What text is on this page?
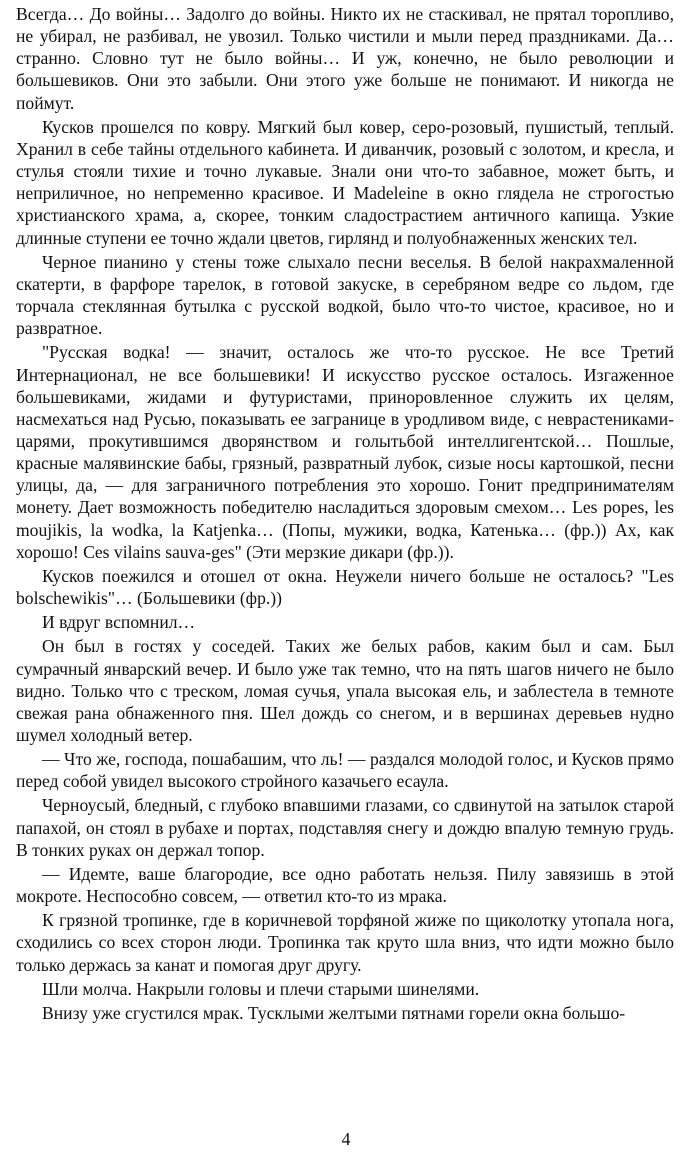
Всегда… До войны… Задолго до войны. Никто их не стаскивал, не прятал торопливо, не убирал, не разбивал, не увозил. Только чистили и мыли перед праздниками. Да… странно. Словно тут не было войны… И уж, конечно, не было революции и большевиков. Они это забыли. Они этого уже больше не понимают. И никогда не поймут.

Кусков прошелся по ковру. Мягкий был ковер, серо-розовый, пушистый, теплый. Хранил в себе тайны отдельного кабинета. И диванчик, розовый с золотом, и кресла, и стулья стояли тихие и точно лукавые. Знали они что-то забавное, может быть, и неприличное, но непременно красивое. И Madeleine в окно глядела не строгостью христианского храма, а, скорее, тонким сладострастием античного капища. Узкие длинные ступени ее точно ждали цветов, гирлянд и полуобнаженных женских тел.

Черное пианино у стены тоже слыхало песни веселья. В белой накрахмаленной скатерти, в фарфоре тарелок, в готовой закуске, в серебряном ведре со льдом, где торчала стеклянная бутылка с русской водкой, было что-то чистое, красивое, но и развратное.

"Русская водка! — значит, осталось же что-то русское. Не все Третий Интернационал, не все большевики! И искусство русское осталось. Изгаженное большевиками, жидами и футуристами, приноровленное служить их целям, насмехаться над Русью, показывать ее загранице в уродливом виде, с неврастениками-царями, прокутившимся дворянством и голытьбой интеллигентской… Пошлые, красные малявинские бабы, грязный, развратный лубок, сизые носы картошкой, песни улицы, да, — для заграничного потребления это хорошо. Гонит предпринимателям монету. Дает возможность победителю насладиться здоровым смехом… Les popes, les moujikis, la wodka, la Katjenka… (Попы, мужики, водка, Катенька… (фр.)) Ах, как хорошо! Ces vilains sauva-ges" (Эти мерзкие дикари (фр.)).

Кусков поежился и отошел от окна. Неужели ничего больше не осталось? "Les bolschewikis"… (Большевики (фр.))

И вдруг вспомнил…

Он был в гостях у соседей. Таких же белых рабов, каким был и сам. Был сумрачный январский вечер. И было уже так темно, что на пять шагов ничего не было видно. Только что с треском, ломая сучья, упала высокая ель, и заблестела в темноте свежая рана обнаженного пня. Шел дождь со снегом, и в вершинах деревьев нудно шумел холодный ветер.

— Что же, господа, пошабашим, что ль! — раздался молодой голос, и Кусков прямо перед собой увидел высокого стройного казачьего есаула.

Черноусый, бледный, с глубоко впавшими глазами, со сдвинутой на затылок старой папахой, он стоял в рубахе и портах, подставляя снегу и дождю впалую темную грудь. В тонких руках он держал топор.

— Идемте, ваше благородие, все одно работать нельзя. Пилу завязишь в этой мокроте. Неспособно совсем, — ответил кто-то из мрака.

К грязной тропинке, где в коричневой торфяной жиже по щиколотку утопала нога, сходились со всех сторон люди. Тропинка так круто шла вниз, что идти можно было только держась за канат и помогая друг другу.

Шли молча. Накрыли головы и плечи старыми шинелями.

Внизу уже сгустился мрак. Тусклыми желтыми пятнами горели окна большо-

4
